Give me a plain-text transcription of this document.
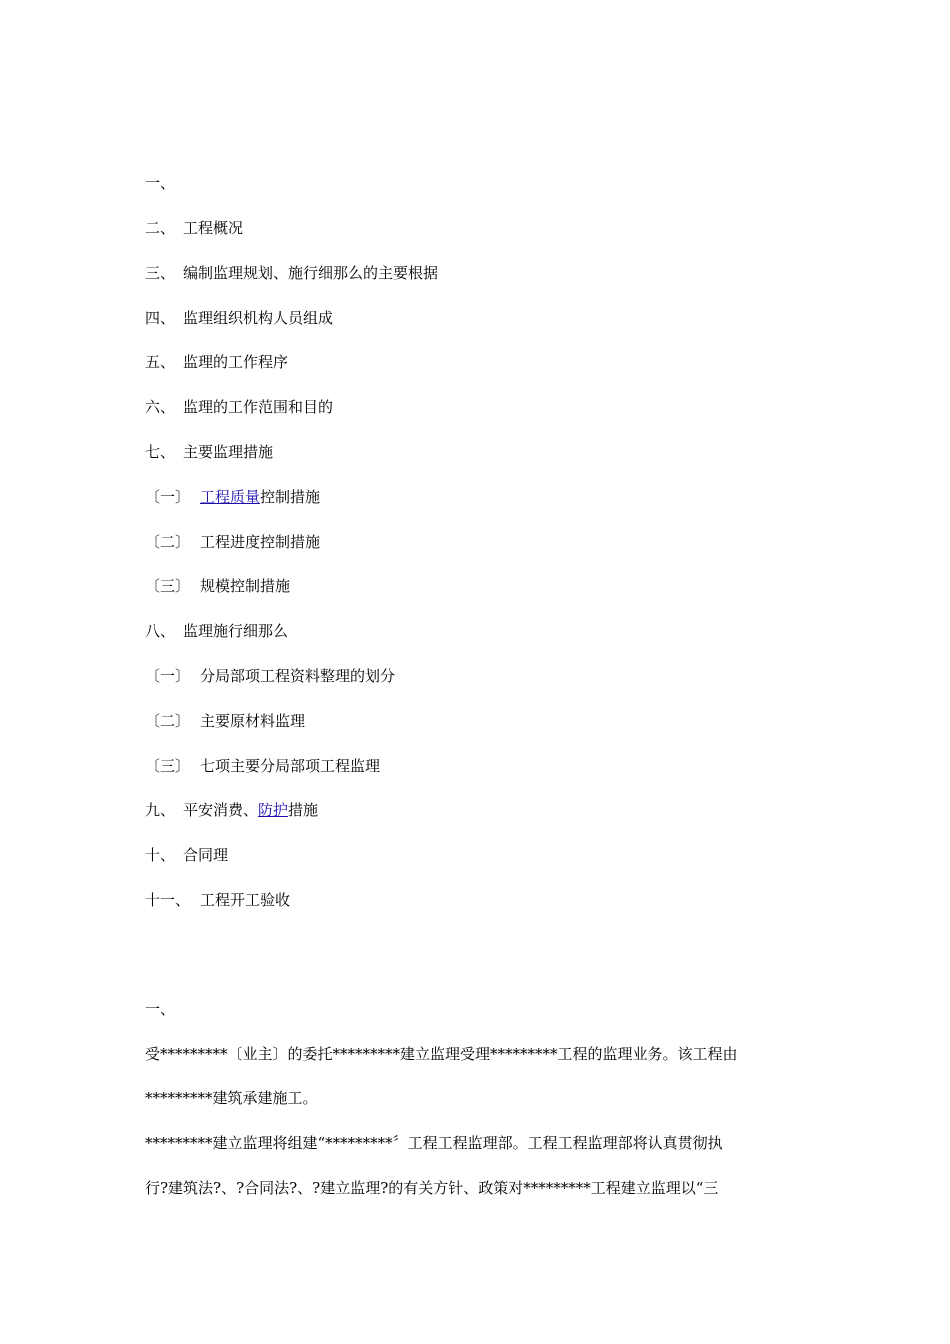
一、

二、 工程概况

三、 编制监理规划、施行细那么的主要根据

四、 监理组织机构人员组成

五、 监理的工作程序

六、 监理的工作范围和目的

七、 主要监理措施

〔一〕 工程质量控制措施

〔二〕 工程进度控制措施

〔三〕 规模控制措施

八、 监理施行细那么

〔一〕 分局部项工程资料整理的划分

〔二〕 主要原材料监理

〔三〕 七项主要分局部项工程监理

九、 平安消费、防护措施

十、 合同理

十一、 工程开工验收

一、

受*********〔业主〕的委托*********建立监理受理*********工程的监理业务。该工程由

*********建筑承建施工。

*********建立监理将组建“*********〞工程工程监理部。工程工程监理部将认真贯彻执

行?建筑法?、?合同法?、?建立监理?的有关方针、政策对*********工程建立监理以“三
